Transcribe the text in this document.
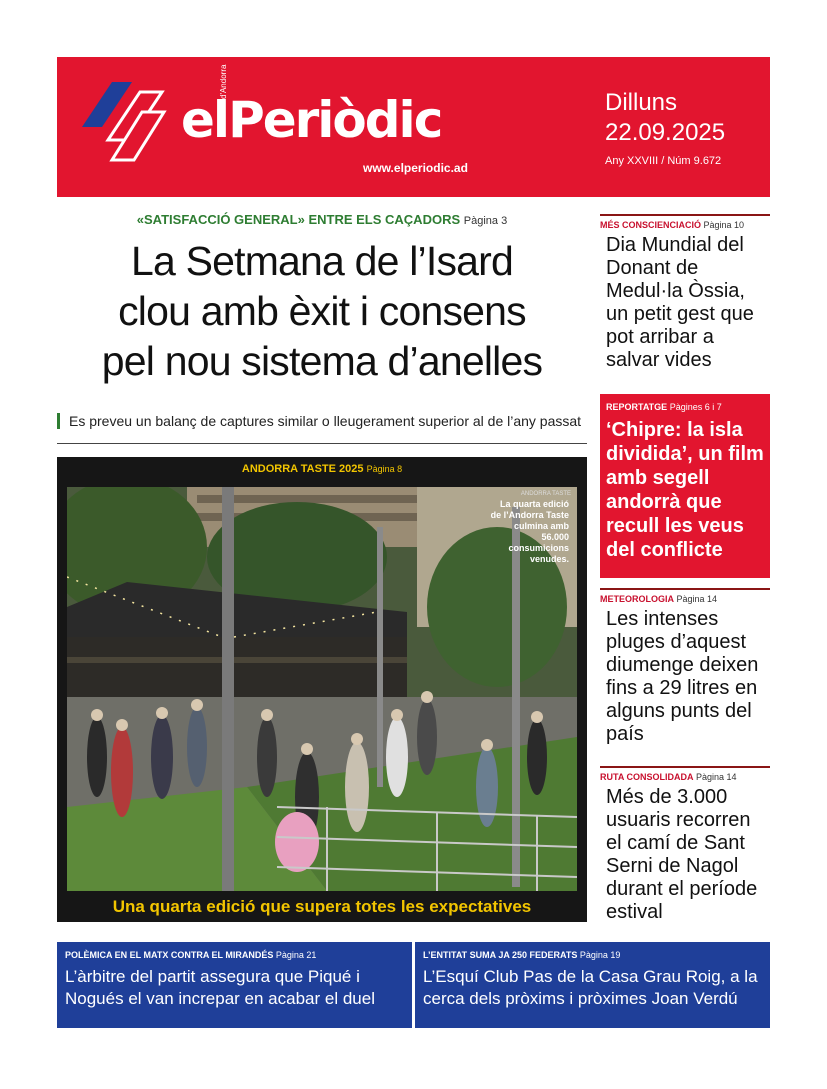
d'Andorra
elPeriòdic
www.elperiodic.ad
Dilluns
22.09.2025
Any XXVIII / Núm 9.672
«SATISFACCIÓ GENERAL» ENTRE ELS CAÇADORS Pàgina 3
La Setmana de l’Isard
clou amb èxit i consens
pel nou sistema d’anelles
Es preveu un balanç de captures similar o lleugerament superior al de l’any passat
ANDORRA TASTE 2025 Pàgina 8
ANDORRA TASTE
La quarta edició de l’Andorra Taste culmina amb 56.000 consumicions venudes.
Una quarta edició que supera totes les expectatives
MÉS CONSCIENCIACIÓ Pàgina 10
Dia Mundial del Donant de Medul·la Òssia, un petit gest que pot arribar a salvar vides
REPORTATGE Pàgines 6 i 7
‘Chipre: la isla dividida’, un film amb segell andorrà que recull les veus del conflicte
METEOROLOGIA Pàgina 14
Les intenses pluges d’aquest diumenge deixen fins a 29 litres en alguns punts del país
RUTA CONSOLIDADA Pàgina 14
Més de 3.000 usuaris recorren el camí de Sant Serni de Nagol durant el període estival
POLÈMICA EN EL MATX CONTRA EL MIRANDÉS Pàgina 21
L’àrbitre del partit assegura que Piqué i Nogués el van increpar en acabar el duel
L’ENTITAT SUMA JA 250 FEDERATS Pàgina 19
L’Esquí Club Pas de la Casa Grau Roig, a la cerca dels pròxims i pròximes Joan Verdú
